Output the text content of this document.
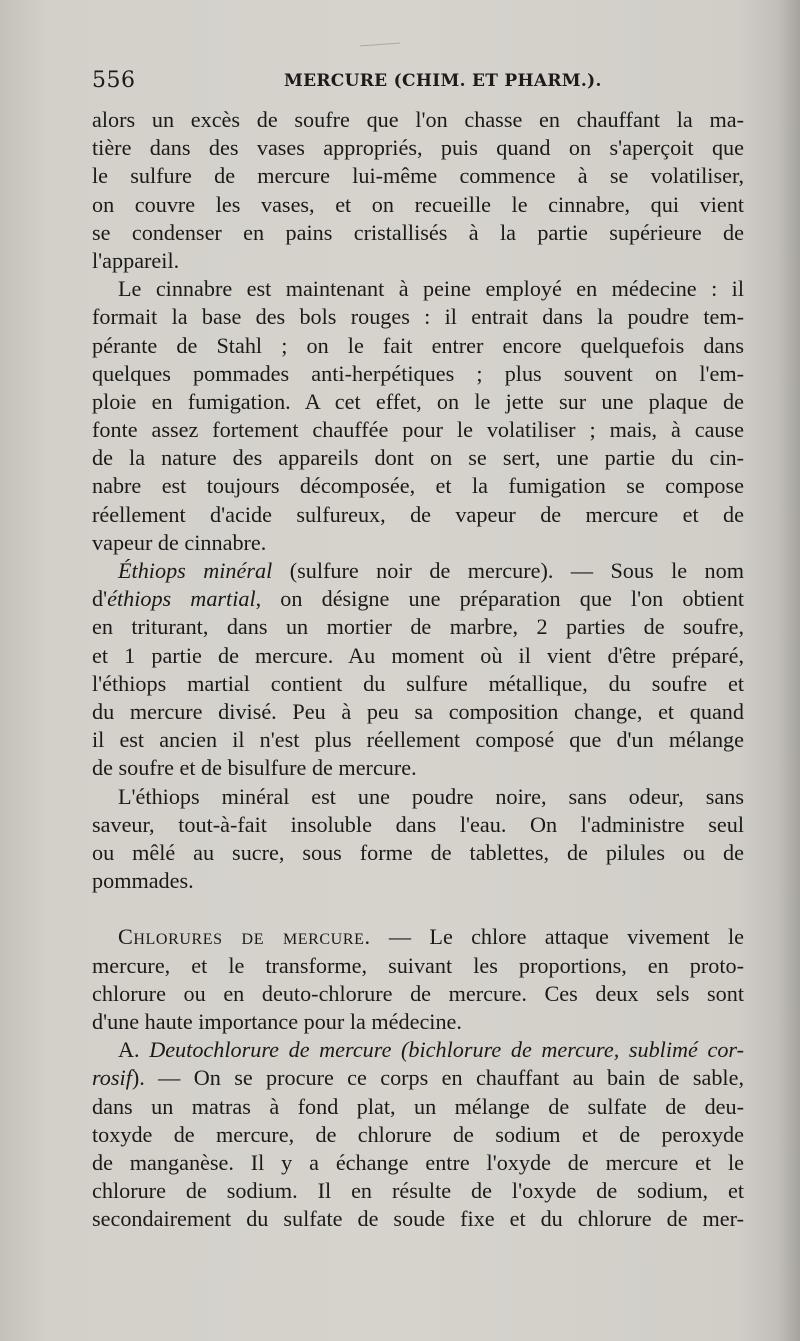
556	MERCURE (CHIM. ET PHARM.).
alors un excès de soufre que l'on chasse en chauffant la ma-
tière dans des vases appropriés, puis quand on s'aperçoit que
le sulfure de mercure lui-même commence à se volatiliser,
on couvre les vases, et on recueille le cinnabre, qui vient
se condenser en pains cristallisés à la partie supérieure de
l'appareil.
Le cinnabre est maintenant à peine employé en médecine : il
formait la base des bols rouges : il entrait dans la poudre tem-
pérante de Stahl ; on le fait entrer encore quelquefois dans
quelques pommades anti-herpétiques ; plus souvent on l'em-
ploie en fumigation. A cet effet, on le jette sur une plaque de
fonte assez fortement chauffée pour le volatiliser ; mais, à cause
de la nature des appareils dont on se sert, une partie du cin-
nabre est toujours décomposée, et la fumigation se compose
réellement d'acide sulfureux, de vapeur de mercure et de
vapeur de cinnabre.
Éthiops minéral (sulfure noir de mercure). — Sous le nom
d'éthiops martial, on désigne une préparation que l'on obtient
en triturant, dans un mortier de marbre, 2 parties de soufre,
et 1 partie de mercure. Au moment où il vient d'être préparé,
l'éthiops martial contient du sulfure métallique, du soufre et
du mercure divisé. Peu à peu sa composition change, et quand
il est ancien il n'est plus réellement composé que d'un mélange
de soufre et de bisulfure de mercure.
L'éthiops minéral est une poudre noire, sans odeur, sans
saveur, tout-à-fait insoluble dans l'eau. On l'administre seul
ou mêlé au sucre, sous forme de tablettes, de pilules ou de
pommades.
Chlorures de mercure. — Le chlore attaque vivement le
mercure, et le transforme, suivant les proportions, en proto-
chlorure ou en deuto-chlorure de mercure. Ces deux sels sont
d'une haute importance pour la médecine.
A. Deutochlorure de mercure (bichlorure de mercure, sublimé cor-
rosif). — On se procure ce corps en chauffant au bain de sable,
dans un matras à fond plat, un mélange de sulfate de deu-
toxyde de mercure, de chlorure de sodium et de peroxyde
de manganèse. Il y a échange entre l'oxyde de mercure et le
chlorure de sodium. Il en résulte de l'oxyde de sodium, et
secondairement du sulfate de soude fixe et du chlorure de mer-
